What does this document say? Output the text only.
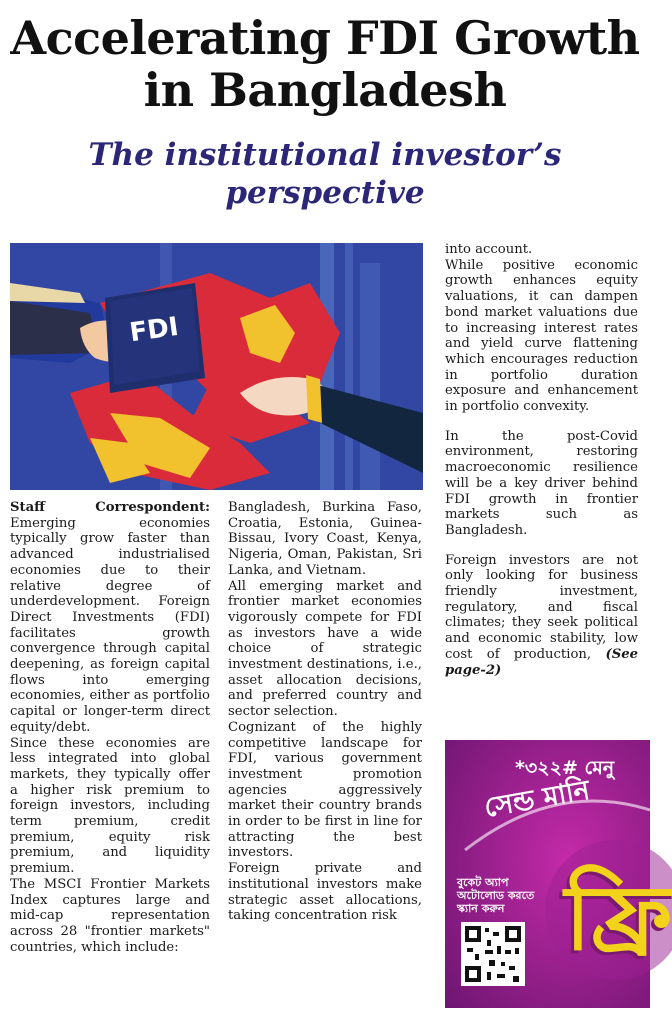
Accelerating FDI Growth
in Bangladesh
The institutional investor’s
perspective
FDI

Staff Correspondent: Emerging economies typically grow faster than advanced industrialised economies due to their relative degree of underdevelopment. Foreign Direct Investments (FDI) facilitates growth convergence through capital deepening, as foreign capital flows into emerging economies, either as portfolio capital or longer-term direct equity/debt.

Since these economies are less integrated into global markets, they typically offer a higher risk premium to foreign investors, including term premium, credit premium, equity risk premium, and liquidity premium.

The MSCI Frontier Markets Index captures large and mid-cap representation across 28 "frontier markets" countries, which include:

Bangladesh, Burkina Faso, Croatia, Estonia, Guinea-Bissau, Ivory Coast, Kenya, Nigeria, Oman, Pakistan, Sri Lanka, and Vietnam.

All emerging market and frontier market economies vigorously compete for FDI as investors have a wide choice of strategic investment destinations, i.e., asset allocation decisions, and preferred country and sector selection.

Cognizant of the highly competitive landscape for FDI, various government investment promotion agencies aggressively market their country brands in order to be first in line for attracting the best investors.

Foreign private and institutional investors make strategic asset allocations, taking concentration risk

into account.

While positive economic growth enhances equity valuations, it can dampen bond market valuations due to increasing interest rates and yield curve flattening which encourages reduction in portfolio duration exposure and enhancement in portfolio convexity.

In the post-Covid environment, restoring macroeconomic resilience will be a key driver behind FDI growth in frontier markets such as Bangladesh.

Foreign investors are not only looking for business friendly investment, regulatory, and fiscal climates; they seek political and economic stability, low cost of production, (See page-2)

*৩২২# মেনু
সেন্ড মানি
ফ্রি
বুকেট অ্যাপ অটোলোড করতে স্ক্যান করুন
